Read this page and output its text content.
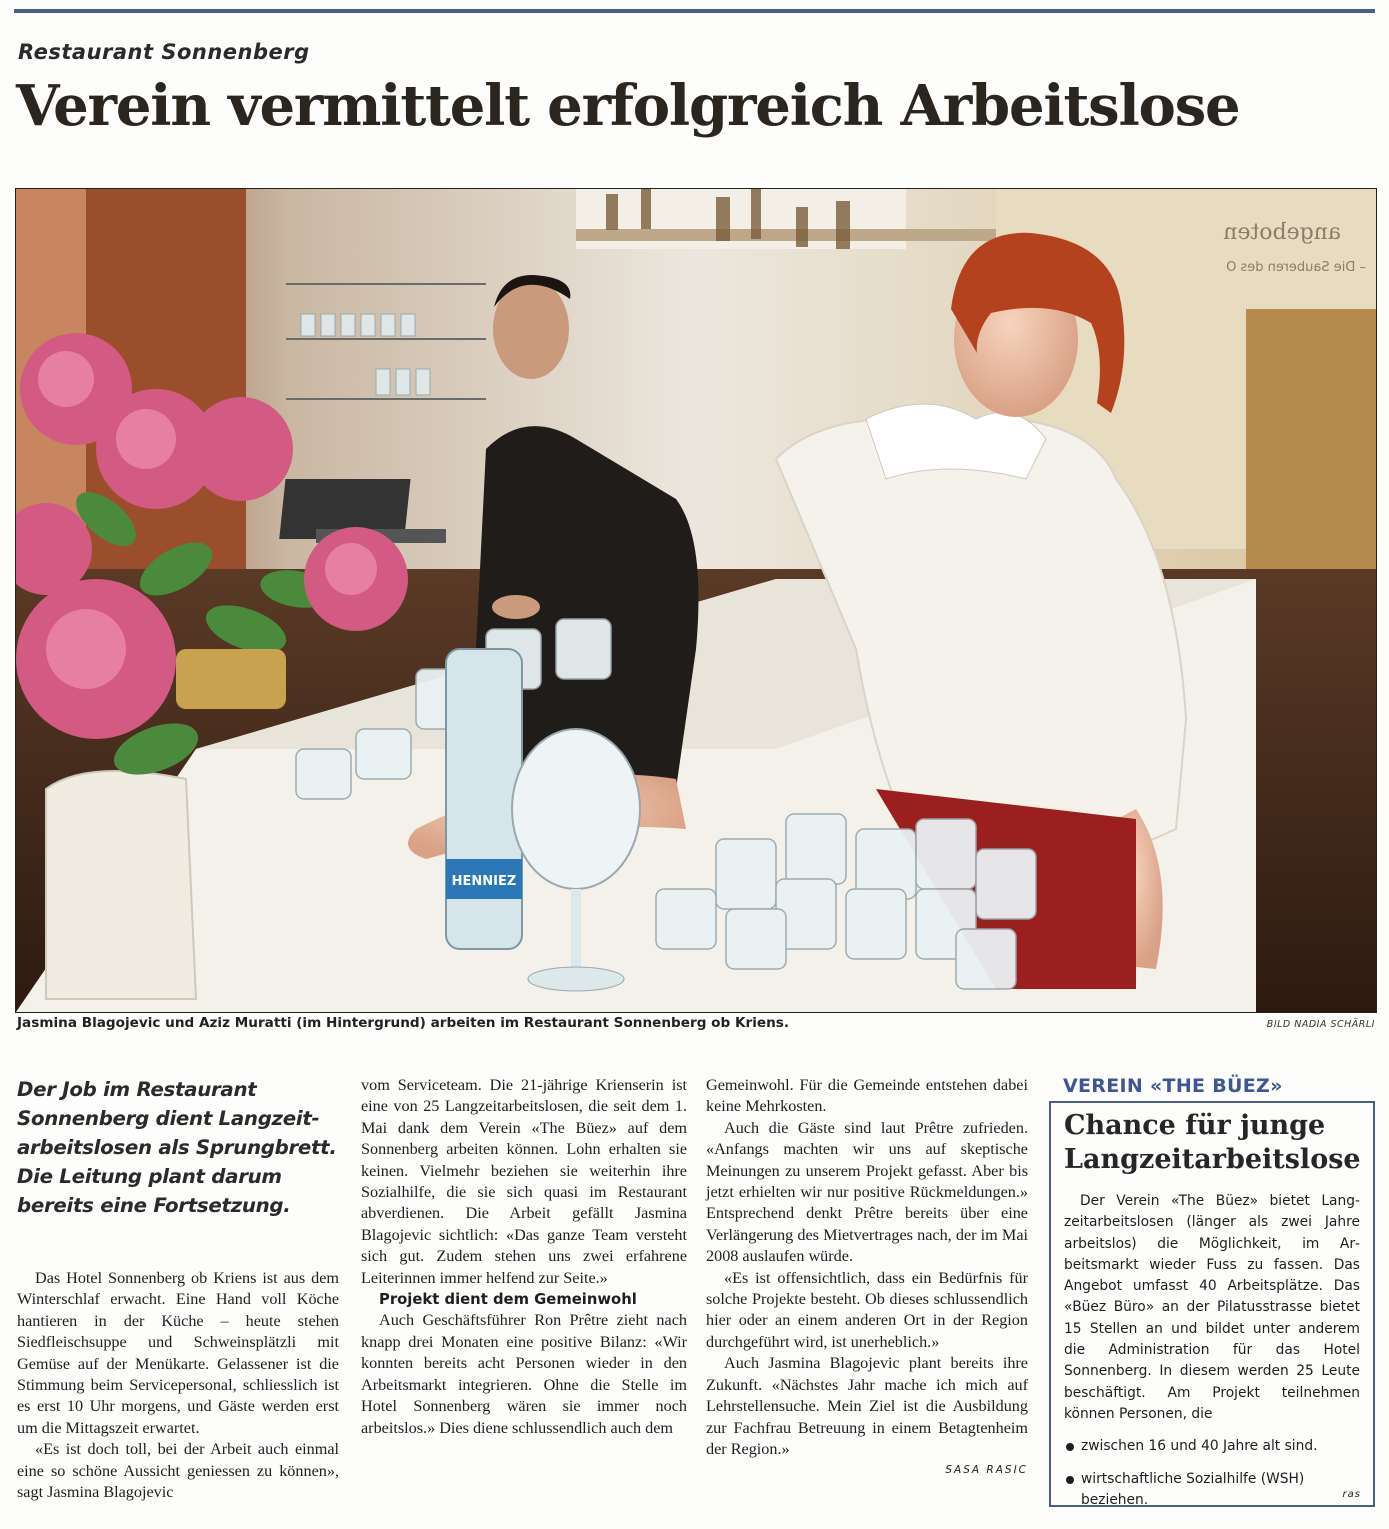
Restaurant Sonnenberg
Verein vermittelt erfolgreich Arbeitslose
angeboten
– Die Sauberen des O
HENNIEZ

Jasmina Blagojevic und Aziz Muratti (im Hintergrund) arbeiten im Restaurant Sonnenberg ob Kriens.	BILD NADIA SCHÄRLI

Der Job im Restaurant Sonnenberg dient Langzeitarbeitslosen als Sprungbrett. Die Leitung plant darum bereits eine Fortsetzung.

Das Hotel Sonnenberg ob Kriens ist aus dem Winterschlaf erwacht. Eine Hand voll Köche hantieren in der Küche – heute stehen Siedfleischsuppe und Schweinsplätzli mit Gemüse auf der Menükarte. Gelassener ist die Stimmung beim Servicepersonal, schliesslich ist es erst 10 Uhr morgens, und Gäste werden erst um die Mittagszeit erwartet.

«Es ist doch toll, bei der Arbeit auch einmal eine so schöne Aussicht geniessen zu können», sagt Jasmina Blagojevic

vom Serviceteam. Die 21-jährige Krienserin ist eine von 25 Langzeitarbeitslosen, die seit dem 1. Mai dank dem Verein «The Büez» auf dem Sonnenberg arbeiten können. Lohn erhalten sie keinen. Vielmehr beziehen sie weiterhin ihre Sozialhilfe, die sie sich quasi im Restaurant abverdienen. Die Arbeit gefällt Jasmina Blagojevic sichtlich: «Das ganze Team versteht sich gut. Zudem stehen uns zwei erfahrene Leiterinnen immer helfend zur Seite.»

Projekt dient dem Gemeinwohl

Auch Geschäftsführer Ron Prêtre zieht nach knapp drei Monaten eine positive Bilanz: «Wir konnten bereits acht Personen wieder in den Arbeitsmarkt integrieren. Ohne die Stelle im Hotel Sonnenberg wären sie immer noch arbeitslos.» Dies diene schlussendlich auch dem

Gemeinwohl. Für die Gemeinde entstehen dabei keine Mehrkosten.

Auch die Gäste sind laut Prêtre zufrieden. «Anfangs machten wir uns auf skeptische Meinungen zu unserem Projekt gefasst. Aber bis jetzt erhielten wir nur positive Rückmeldungen.» Entsprechend denkt Prêtre bereits über eine Verlängerung des Mietvertrages nach, der im Mai 2008 auslaufen würde.

«Es ist offensichtlich, dass ein Bedürfnis für solche Projekte besteht. Ob dieses schlussendlich hier oder an einem anderen Ort in der Region durchgeführt wird, ist unerheblich.»

Auch Jasmina Blagojevic plant bereits ihre Zukunft. «Nächstes Jahr mache ich mich auf Lehrstellensuche. Mein Ziel ist die Ausbildung zur Fachfrau Betreuung in einem Betagtenheim der Region.»

SASA RASIC

VEREIN «THE BÜEZ»
Chance für junge Langzeitarbeitslose

Der Verein «The Büez» bietet Langzeitarbeitslosen (länger als zwei Jahre arbeitslos) die Möglichkeit, im Arbeitsmarkt wieder Fuss zu fassen. Das Angebot umfasst 40 Arbeitsplätze. Das «Büez Büro» an der Pilatusstrasse bietet 15 Stellen an und bildet unter anderem die Administration für das Hotel Sonnenberg. In diesem werden 25 Leute beschäftigt. Am Projekt teilnehmen können Personen, die

zwischen 16 und 40 Jahre alt sind.
wirtschaftliche Sozialhilfe (WSH) beziehen.	ras
